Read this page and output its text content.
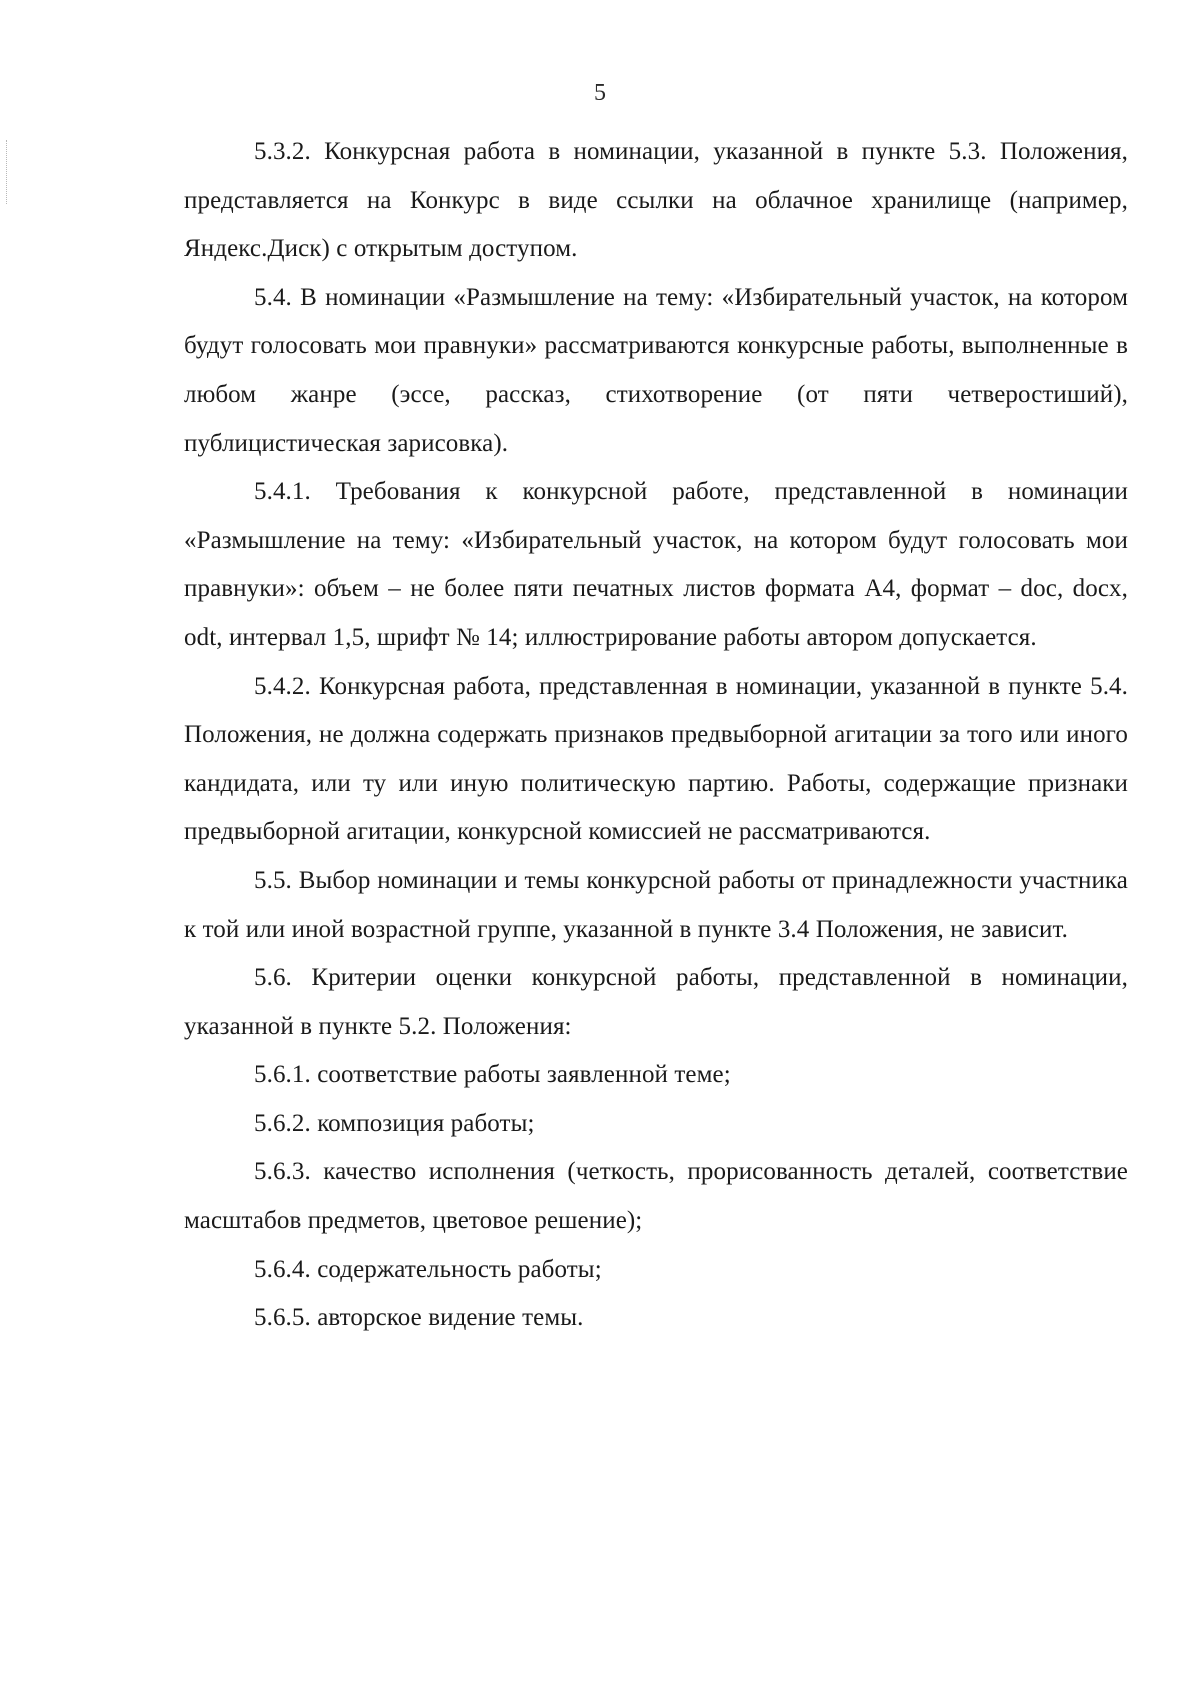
5

5.3.2. Конкурсная работа в номинации, указанной в пункте 5.3. Положения, представляется на Конкурс в виде ссылки на облачное хранилище (например, Яндекс.Диск) с открытым доступом.

5.4. В номинации «Размышление на тему: «Избирательный участок, на котором будут голосовать мои правнуки» рассматриваются конкурсные работы, выполненные в любом жанре (эссе, рассказ, стихотворение (от пяти четверостиший), публицистическая зарисовка).

5.4.1. Требования к конкурсной работе, представленной в номинации «Размышление на тему: «Избирательный участок, на котором будут голосовать мои правнуки»: объем – не более пяти печатных листов формата А4, формат – doc, docx, odt, интервал 1,5, шрифт № 14; иллюстрирование работы автором допускается.

5.4.2. Конкурсная работа, представленная в номинации, указанной в пункте 5.4. Положения, не должна содержать признаков предвыборной агитации за того или иного кандидата, или ту или иную политическую партию. Работы, содержащие признаки предвыборной агитации, конкурсной комиссией не рассматриваются.

5.5. Выбор номинации и темы конкурсной работы от принадлежности участника к той или иной возрастной группе, указанной в пункте 3.4 Положения, не зависит.

5.6. Критерии оценки конкурсной работы, представленной в номинации, указанной в пункте 5.2. Положения:

5.6.1. соответствие работы заявленной теме;

5.6.2. композиция работы;

5.6.3. качество исполнения (четкость, прорисованность деталей, соответствие масштабов предметов, цветовое решение);

5.6.4. содержательность работы;

5.6.5. авторское видение темы.
